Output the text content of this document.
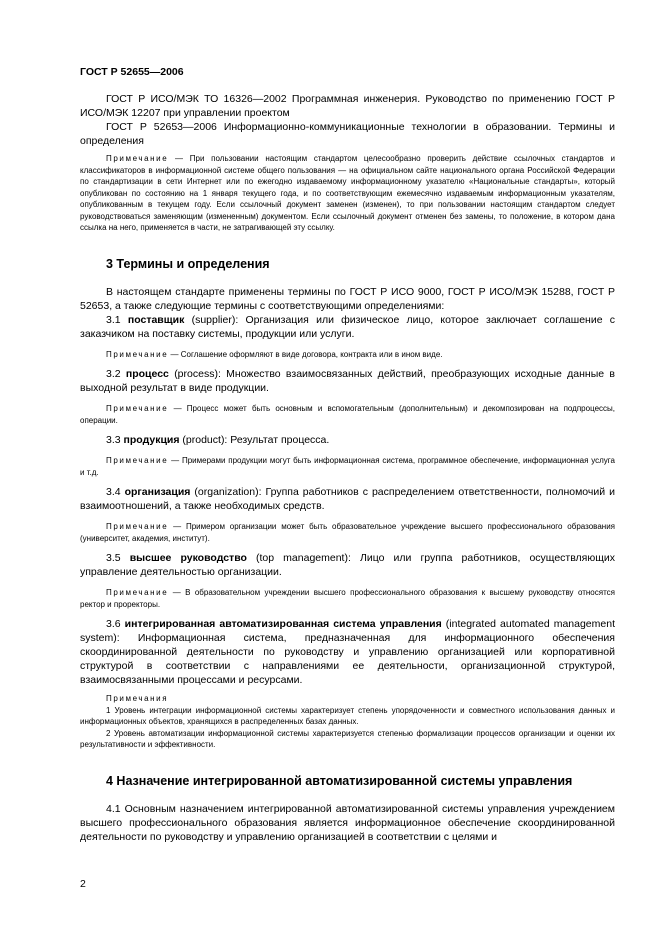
ГОСТ Р 52655—2006

ГОСТ Р ИСО/МЭК ТО 16326—2002 Программная инженерия. Руководство по применению ГОСТ Р ИСО/МЭК 12207 при управлении проектом

ГОСТ Р 52653—2006 Информационно-коммуникационные технологии в образовании. Термины и определения

Примечание — При пользовании настоящим стандартом целесообразно проверить действие ссылочных стандартов и классификаторов в информационной системе общего пользования — на официальном сайте национального органа Российской Федерации по стандартизации в сети Интернет или по ежегодно издаваемому информационному указателю «Национальные стандарты», который опубликован по состоянию на 1 января текущего года, и по соответствующим ежемесячно издаваемым информационным указателям, опубликованным в текущем году. Если ссылочный документ заменен (изменен), то при пользовании настоящим стандартом следует руководствоваться заменяющим (измененным) документом. Если ссылочный документ отменен без замены, то положение, в котором дана ссылка на него, применяется в части, не затрагивающей эту ссылку.

3 Термины и определения

В настоящем стандарте применены термины по ГОСТ Р ИСО 9000, ГОСТ Р ИСО/МЭК 15288, ГОСТ Р 52653, а также следующие термины с соответствующими определениями:

3.1 поставщик (supplier): Организация или физическое лицо, которое заключает соглашение с заказчиком на поставку системы, продукции или услуги.

Примечание — Соглашение оформляют в виде договора, контракта или в ином виде.

3.2 процесс (process): Множество взаимосвязанных действий, преобразующих исходные данные в выходной результат в виде продукции.

Примечание — Процесс может быть основным и вспомогательным (дополнительным) и декомпозирован на подпроцессы, операции.

3.3 продукция (product): Результат процесса.

Примечание — Примерами продукции могут быть информационная система, программное обеспечение, информационная услуга и т.д.

3.4 организация (organization): Группа работников с распределением ответственности, полномочий и взаимоотношений, а также необходимых средств.

Примечание — Примером организации может быть образовательное учреждение высшего профессионального образования (университет, академия, институт).

3.5 высшее руководство (top management): Лицо или группа работников, осуществляющих управление деятельностью организации.

Примечание — В образовательном учреждении высшего профессионального образования к высшему руководству относятся ректор и проректоры.

3.6 интегрированная автоматизированная система управления (integrated automated management system): Информационная система, предназначенная для информационного обеспечения скоординированной деятельности по руководству и управлению организацией или корпоративной структурой в соответствии с направлениями ее деятельности, организационной структурой, взаимосвязанными процессами и ресурсами.

Примечания

1 Уровень интеграции информационной системы характеризует степень упорядоченности и совместного использования данных и информационных объектов, хранящихся в распределенных базах данных.

2 Уровень автоматизации информационной системы характеризуется степенью формализации процессов организации и оценки их результативности и эффективности.

4 Назначение интегрированной автоматизированной системы управления

4.1 Основным назначением интегрированной автоматизированной системы управления учреждением высшего профессионального образования является информационное обеспечение скоординированной деятельности по руководству и управлению организацией в соответствии с целями и

2
